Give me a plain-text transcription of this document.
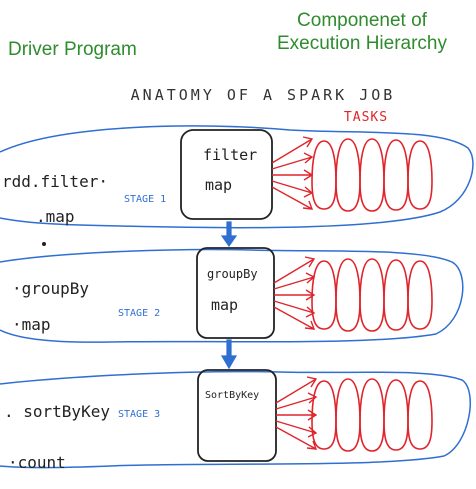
Driver Program
Componenet of
Execution Hierarchy
ANATOMY OF A SPARK JOB
TASKS
rdd.filter·
.map
·groupBy
·map
. sortByKey
·count
STAGE 1
STAGE 2
STAGE 3
filter
map
groupBy
map
SortByKey
